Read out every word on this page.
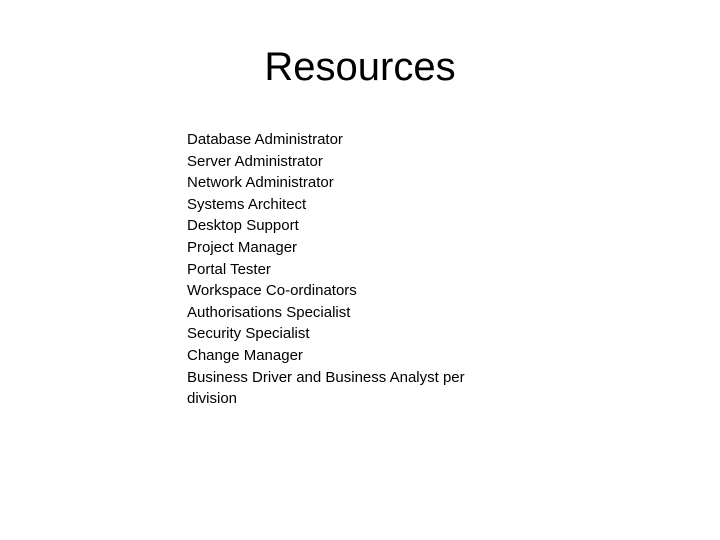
Resources
Database Administrator
Server Administrator
Network Administrator
Systems Architect
Desktop Support
Project Manager
Portal Tester
Workspace Co-ordinators
Authorisations Specialist
Security Specialist
Change Manager
Business Driver and Business Analyst per division
